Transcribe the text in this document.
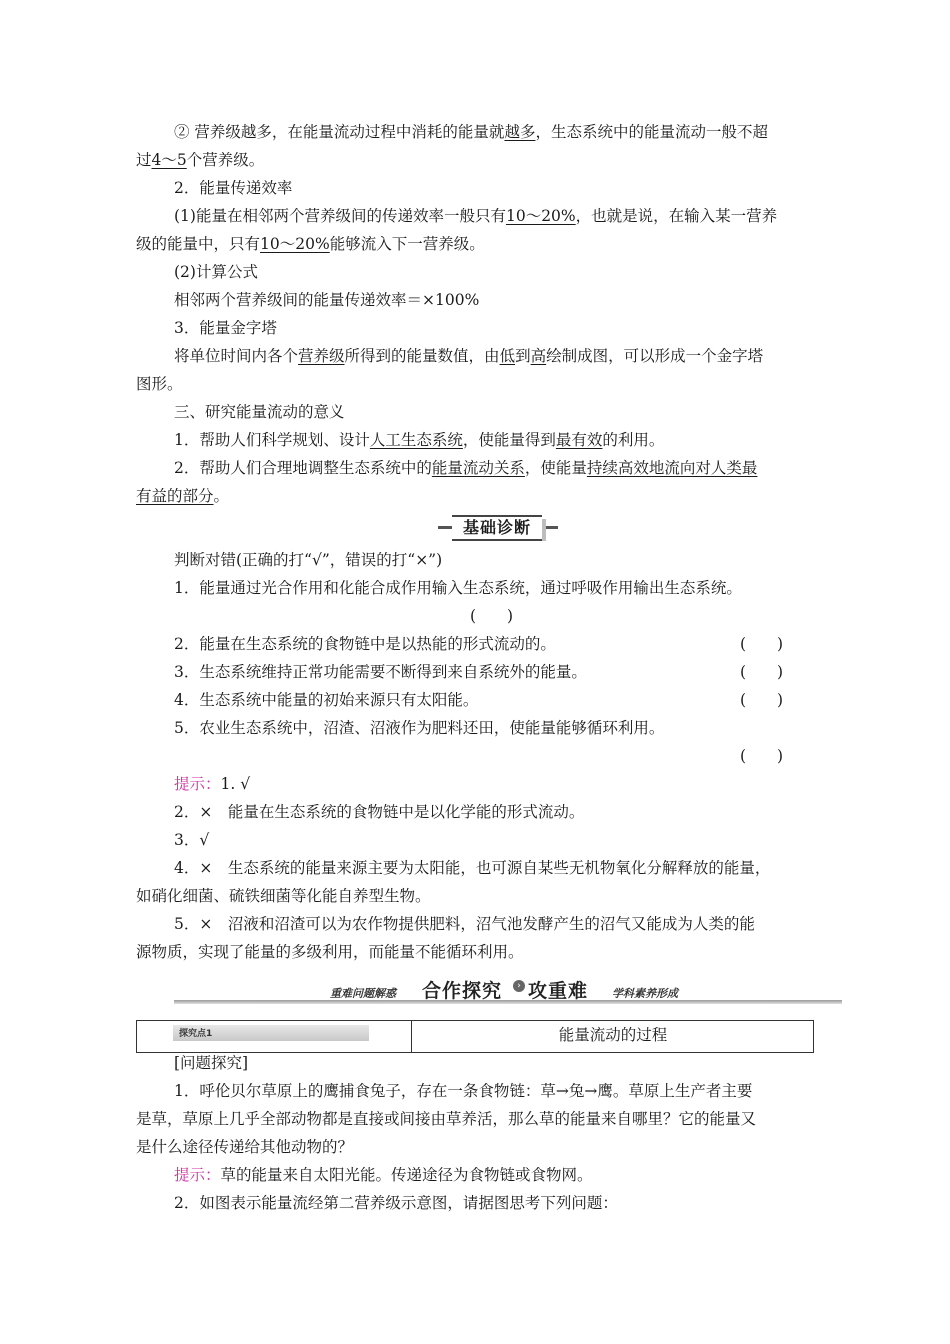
② 营养级越多，在能量流动过程中消耗的能量就越多，生态系统中的能量流动一般不超
过4～5个营养级。
2．能量传递效率
(1)能量在相邻两个营养级间的传递效率一般只有10～20%，也就是说，在输入某一营养
级的能量中，只有10～20%能够流入下一营养级。
(2)计算公式
相邻两个营养级间的能量传递效率＝×100%
3．能量金字塔
将单位时间内各个营养级所得到的能量数值，由低到高绘制成图，可以形成一个金字塔
图形。
三、研究能量流动的意义
1．帮助人们科学规划、设计人工生态系统，使能量得到最有效的利用。
2．帮助人们合理地调整生态系统中的能量流动关系，使能量持续高效地流向对人类最
有益的部分。
基础诊断
判断对错(正确的打“√”，错误的打“×”)
1．能量通过光合作用和化能合成作用输入生态系统，通过呼吸作用输出生态系统。
(　　)
2．能量在生态系统的食物链中是以热能的形式流动的。	(　　)
3．生态系统维持正常功能需要不断得到来自系统外的能量。	(　　)
4．生态系统中能量的初始来源只有太阳能。	(　　)
5．农业生态系统中，沼渣、沼液作为肥料还田，使能量能够循环利用。
(　　)
提示：1. √
2．×　能量在生态系统的食物链中是以化学能的形式流动。
3．√
4．×　生态系统的能量来源主要为太阳能，也可源自某些无机物氧化分解释放的能量，
如硝化细菌、硫铁细菌等化能自养型生物。
5．×　沼液和沼渣可以为农作物提供肥料，沼气池发酵产生的沼气又能成为人类的能
源物质，实现了能量的多级利用，而能量不能循环利用。
重难问题解惑 合作探究	› 攻重难 学科素养形成
探究点1	能量流动的过程
[问题探究]
1．呼伦贝尔草原上的鹰捕食兔子，存在一条食物链：草→兔→鹰。草原上生产者主要
是草，草原上几乎全部动物都是直接或间接由草养活，那么草的能量来自哪里？它的能量又
是什么途径传递给其他动物的？
提示：草的能量来自太阳光能。传递途径为食物链或食物网。
2．如图表示能量流经第二营养级示意图，请据图思考下列问题：
